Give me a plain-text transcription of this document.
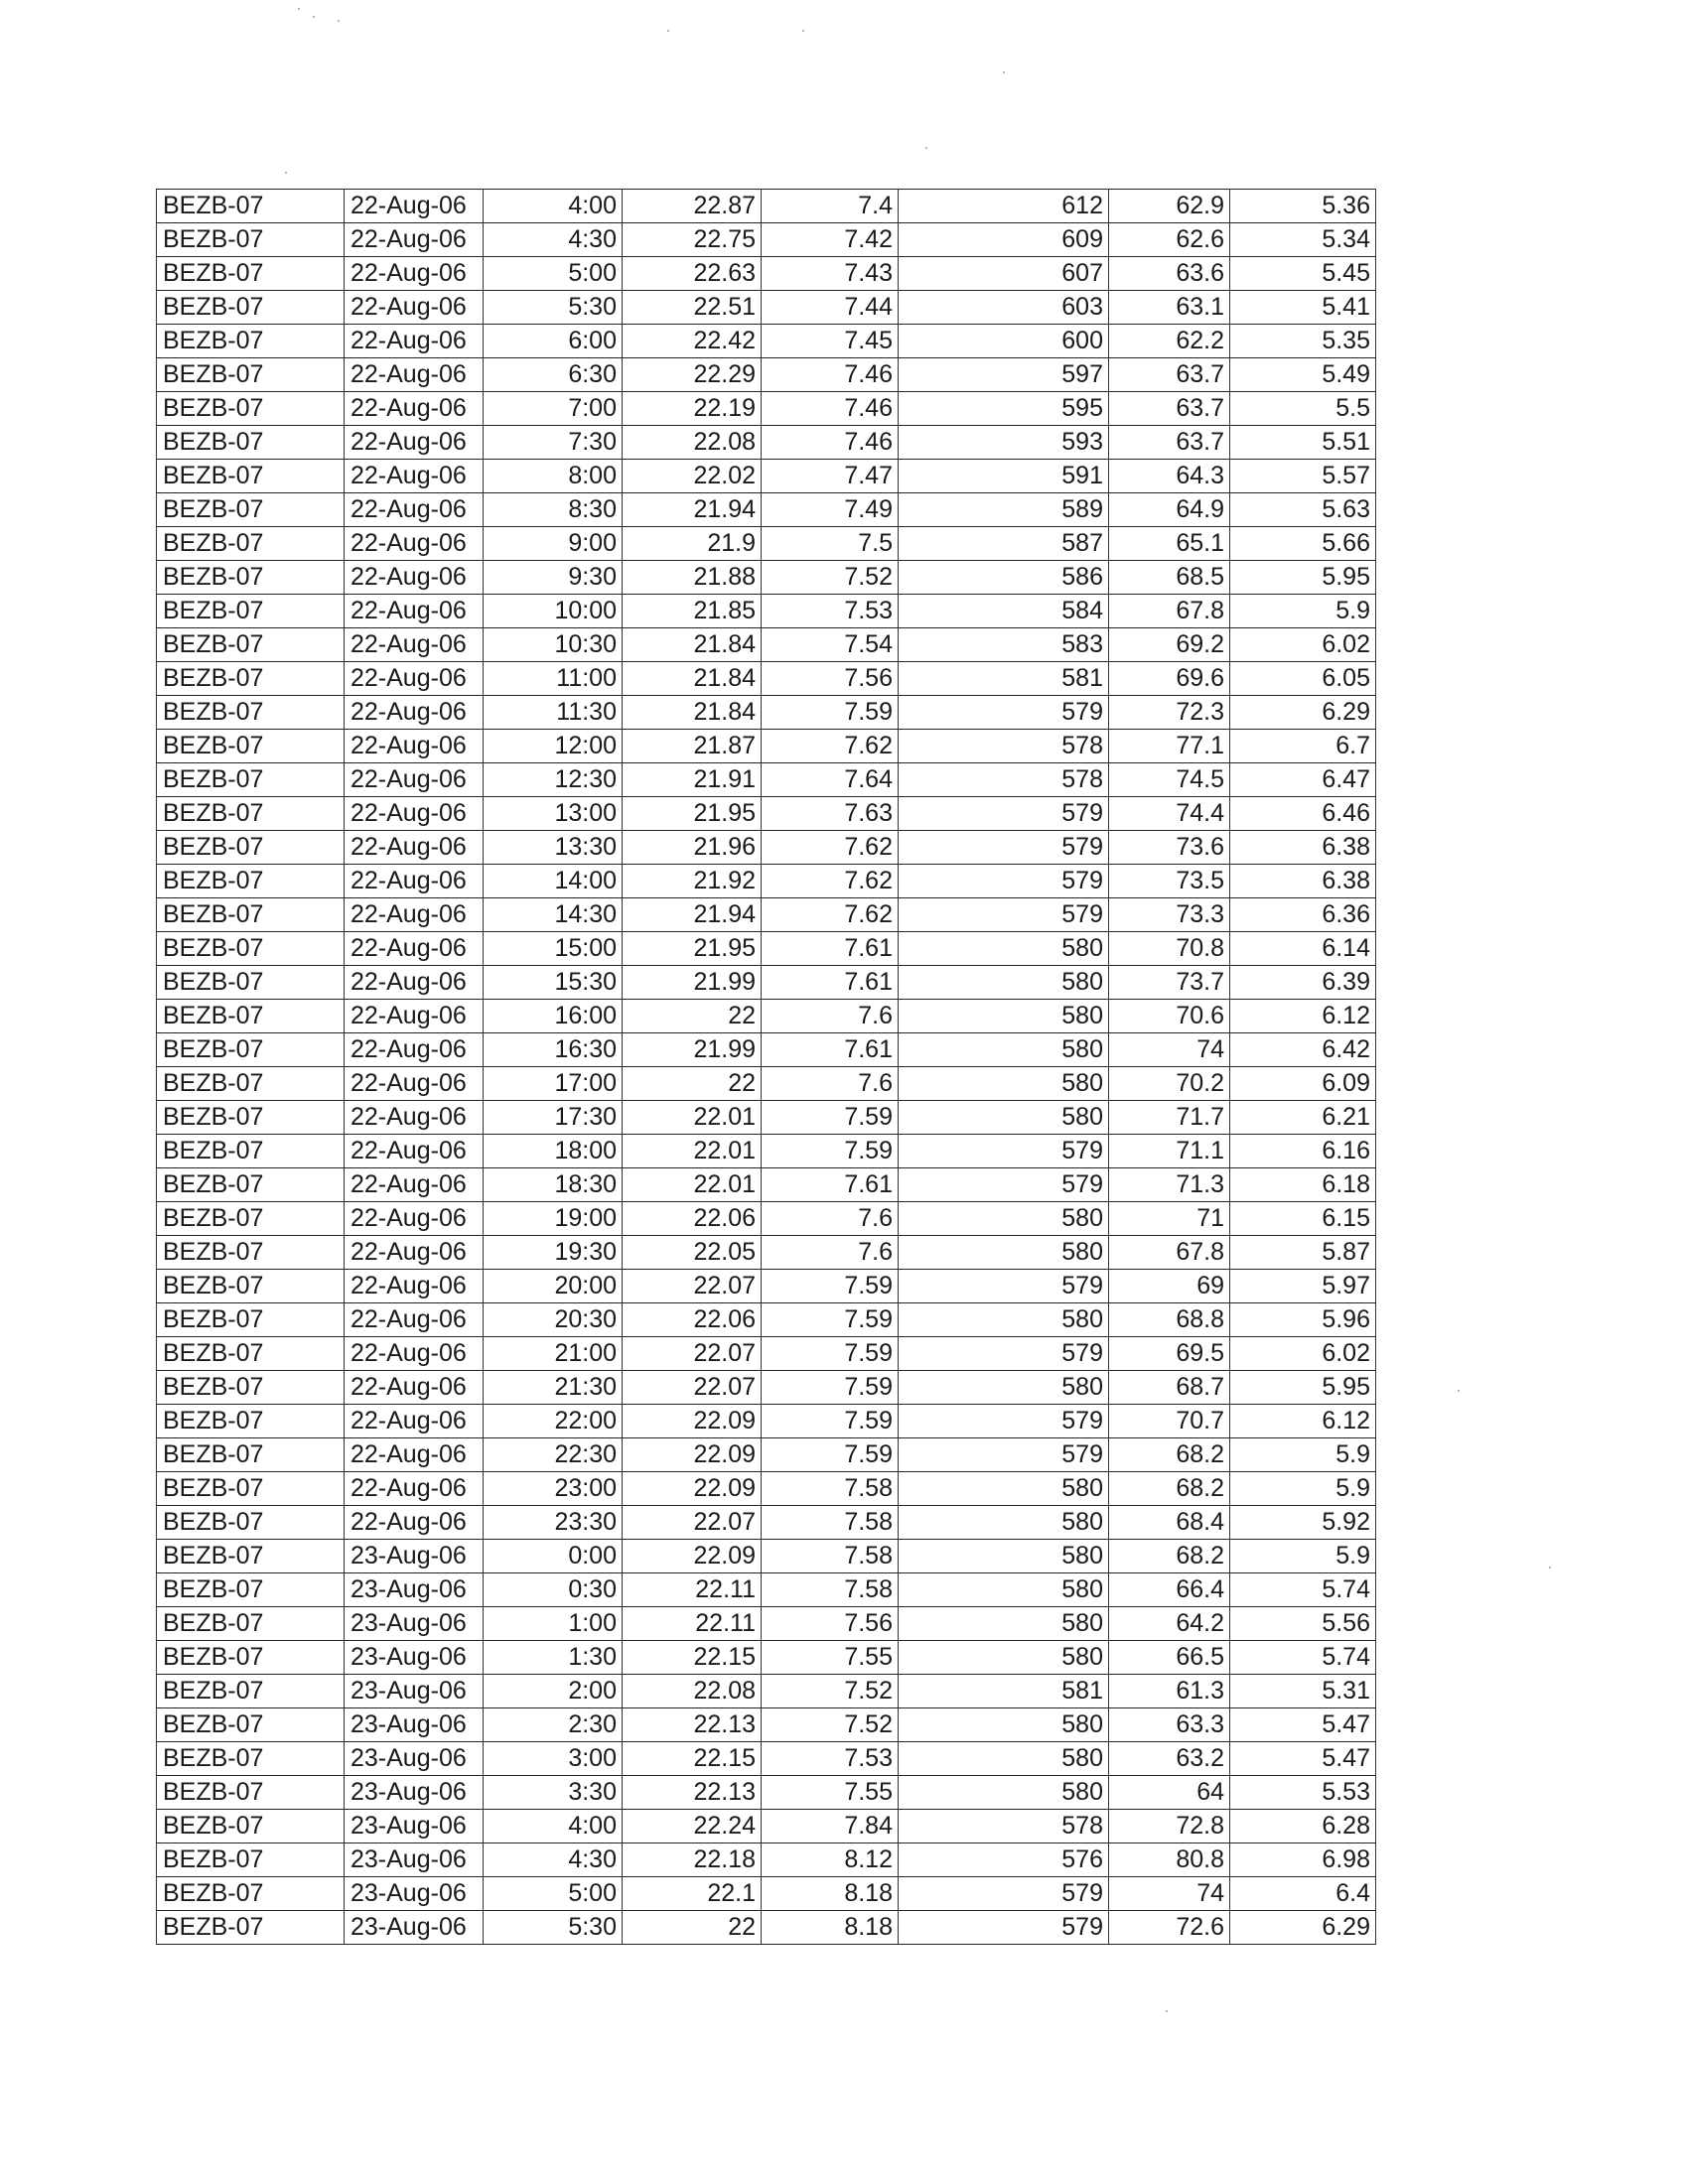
BEZB-07	22-Aug-06	4:00	22.87	7.4	612	62.9	5.36
BEZB-07	22-Aug-06	4:30	22.75	7.42	609	62.6	5.34
BEZB-07	22-Aug-06	5:00	22.63	7.43	607	63.6	5.45
BEZB-07	22-Aug-06	5:30	22.51	7.44	603	63.1	5.41
BEZB-07	22-Aug-06	6:00	22.42	7.45	600	62.2	5.35
BEZB-07	22-Aug-06	6:30	22.29	7.46	597	63.7	5.49
BEZB-07	22-Aug-06	7:00	22.19	7.46	595	63.7	5.5
BEZB-07	22-Aug-06	7:30	22.08	7.46	593	63.7	5.51
BEZB-07	22-Aug-06	8:00	22.02	7.47	591	64.3	5.57
BEZB-07	22-Aug-06	8:30	21.94	7.49	589	64.9	5.63
BEZB-07	22-Aug-06	9:00	21.9	7.5	587	65.1	5.66
BEZB-07	22-Aug-06	9:30	21.88	7.52	586	68.5	5.95
BEZB-07	22-Aug-06	10:00	21.85	7.53	584	67.8	5.9
BEZB-07	22-Aug-06	10:30	21.84	7.54	583	69.2	6.02
BEZB-07	22-Aug-06	11:00	21.84	7.56	581	69.6	6.05
BEZB-07	22-Aug-06	11:30	21.84	7.59	579	72.3	6.29
BEZB-07	22-Aug-06	12:00	21.87	7.62	578	77.1	6.7
BEZB-07	22-Aug-06	12:30	21.91	7.64	578	74.5	6.47
BEZB-07	22-Aug-06	13:00	21.95	7.63	579	74.4	6.46
BEZB-07	22-Aug-06	13:30	21.96	7.62	579	73.6	6.38
BEZB-07	22-Aug-06	14:00	21.92	7.62	579	73.5	6.38
BEZB-07	22-Aug-06	14:30	21.94	7.62	579	73.3	6.36
BEZB-07	22-Aug-06	15:00	21.95	7.61	580	70.8	6.14
BEZB-07	22-Aug-06	15:30	21.99	7.61	580	73.7	6.39
BEZB-07	22-Aug-06	16:00	22	7.6	580	70.6	6.12
BEZB-07	22-Aug-06	16:30	21.99	7.61	580	74	6.42
BEZB-07	22-Aug-06	17:00	22	7.6	580	70.2	6.09
BEZB-07	22-Aug-06	17:30	22.01	7.59	580	71.7	6.21
BEZB-07	22-Aug-06	18:00	22.01	7.59	579	71.1	6.16
BEZB-07	22-Aug-06	18:30	22.01	7.61	579	71.3	6.18
BEZB-07	22-Aug-06	19:00	22.06	7.6	580	71	6.15
BEZB-07	22-Aug-06	19:30	22.05	7.6	580	67.8	5.87
BEZB-07	22-Aug-06	20:00	22.07	7.59	579	69	5.97
BEZB-07	22-Aug-06	20:30	22.06	7.59	580	68.8	5.96
BEZB-07	22-Aug-06	21:00	22.07	7.59	579	69.5	6.02
BEZB-07	22-Aug-06	21:30	22.07	7.59	580	68.7	5.95
BEZB-07	22-Aug-06	22:00	22.09	7.59	579	70.7	6.12
BEZB-07	22-Aug-06	22:30	22.09	7.59	579	68.2	5.9
BEZB-07	22-Aug-06	23:00	22.09	7.58	580	68.2	5.9
BEZB-07	22-Aug-06	23:30	22.07	7.58	580	68.4	5.92
BEZB-07	23-Aug-06	0:00	22.09	7.58	580	68.2	5.9
BEZB-07	23-Aug-06	0:30	22.11	7.58	580	66.4	5.74
BEZB-07	23-Aug-06	1:00	22.11	7.56	580	64.2	5.56
BEZB-07	23-Aug-06	1:30	22.15	7.55	580	66.5	5.74
BEZB-07	23-Aug-06	2:00	22.08	7.52	581	61.3	5.31
BEZB-07	23-Aug-06	2:30	22.13	7.52	580	63.3	5.47
BEZB-07	23-Aug-06	3:00	22.15	7.53	580	63.2	5.47
BEZB-07	23-Aug-06	3:30	22.13	7.55	580	64	5.53
BEZB-07	23-Aug-06	4:00	22.24	7.84	578	72.8	6.28
BEZB-07	23-Aug-06	4:30	22.18	8.12	576	80.8	6.98
BEZB-07	23-Aug-06	5:00	22.1	8.18	579	74	6.4
BEZB-07	23-Aug-06	5:30	22	8.18	579	72.6	6.29
